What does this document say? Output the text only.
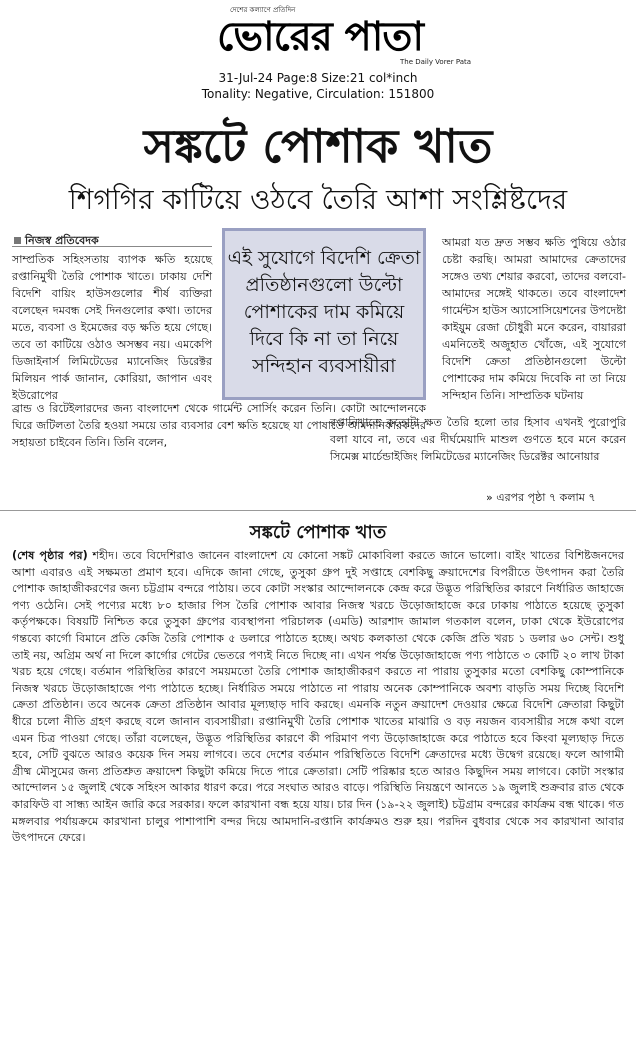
দেশের কল্যাণে প্রতিদিন
ভোরের পাতা
The Daily Vorer Pata
31-Jul-24 Page:8 Size:21 col*inch
Tonality: Negative, Circulation: 151800
সঙ্কটে পোশাক খাত
শিগগির কাটিয়ে ওঠবে তৈরি আশা সংশ্লিষ্টদের
নিজস্ব প্রতিবেদক
সাম্প্রতিক সহিংসতায় ব্যাপক ক্ষতি হয়েছে রপ্তানিমুখী তৈরি পোশাক খাতে। ঢাকায় দেশি বিদেশি বায়িং হাউসগুলোর শীর্ষ ব্যক্তিরা বলেছেন দমবন্ধ সেই দিনগুলোর কথা। তাদের মতে, ব্যবসা ও ইমেজের বড় ক্ষতি হয়ে গেছে। তবে তা কাটিয়ে ওঠাও অসম্ভব নয়। এমকেপি ডিজাইনার্স লিমিটেডের ম্যানেজিং ডিরেক্টর মিলিয়ন পার্ক জানান, কোরিয়া, জাপান এবং ইউরোপের
এই সুযোগে বিদেশি ক্রেতা প্রতিষ্ঠানগুলো উল্টো পোশাকের দাম কমিয়ে দিবে কি না তা নিয়ে সন্দিহান ব্যবসায়ীরা
আমরা যত দ্রুত সম্ভব ক্ষতি পুষিয়ে ওঠার চেষ্টা করছি। আমরা আমাদের ক্রেতাদের সঙ্গেও তথ্য শেয়ার করবো, তাদের বলবো- আমাদের সঙ্গেই থাকতে। তবে বাংলাদেশ গার্মেন্টস হাউস অ্যাসোসিয়েশনের উপদেষ্টা কাইয়ুম রেজা চৌধুরী মনে করেন, বায়াররা এমনিতেই অজুহাত খোঁজে, এই সুযোগে বিদেশি ক্রেতা প্রতিষ্ঠানগুলো উল্টো পোশাকের দাম কমিয়ে দিবেকি না তা নিয়ে সন্দিহান তিনি। সাম্প্রতিক ঘটনায়
ব্রান্ড ও রিটেইলারদের জন্য বাংলাদেশ থেকে গার্মেন্ট সোর্সিং করেন তিনি। কোটা আন্দোলনকে ঘিরে জটিলতা তৈরি হওয়া সময়ে তার ব্যবসার বেশ ক্ষতি হয়েছে যা পোষাতে আমদানিকারকদের সহায়তা চাইবেন তিনি। তিনি বলেন,
রপ্তানিখাতে কতোটা ক্ষত তৈরি হলো তার হিসাব এখনই পুরোপুরি বলা যাবে না, তবে এর দীর্ঘমেয়াদি মাশুল গুণতে হবে মনে করেন সিমেক্স মার্চেন্ডাইজিং লিমিটেডের ম্যানেজিং ডিরেক্টর আনোয়ার
» এরপর পৃষ্ঠা ৭ কলাম ৭
সঙ্কটে পোশাক খাত
(শেষ পৃষ্ঠার পর) শহীদ। তবে বিদেশিরাও জানেন বাংলাদেশ যে কোনো সঙ্কট মোকাবিলা করতে জানে ভালো। বাইং খাতের বিশিষ্টজনদের আশা এবারও এই সক্ষমতা প্রমাণ হবে। এদিকে জানা গেছে, তুসুকা গ্রুপ দুই সপ্তাহে বেশকিছু ক্রয়াদেশের বিপরীতে উৎপাদন করা তৈরি পোশাক জাহাজীকরণের জন্য চট্টগ্রাম বন্দরে পাঠায়। তবে কোটা সংস্কার আন্দোলনকে কেন্দ্র করে উদ্ভূত পরিস্থিতির কারণে নির্ধারিত জাহাজে পণ্য ওঠেনি। সেই পণ্যের মধ্যে ৮০ হাজার পিস তৈরি পোশাক আবার নিজস্ব খরচে উড়োজাহাজে করে ঢাকায় পাঠাতে হয়েছে তুসুকা কর্তৃপক্ষকে। বিষয়টি নিশ্চিত করে তুসুকা গ্রুপের ব্যবস্থাপনা পরিচালক (এমডি) আরশাদ জামাল গতকাল বলেন, ঢাকা থেকে ইউরোপের গন্তব্যে কার্গো বিমানে প্রতি কেজি তৈরি পোশাক ৫ ডলারে পাঠাতে হচ্ছে। অথচ কলকাতা থেকে কেজি প্রতি খরচ ১ ডলার ৬০ সেন্ট। শুধু তাই নয়, অগ্রিম অর্থ না দিলে কার্গোর গেটের ভেতরে পণ্যই নিতে দিচ্ছে না। এখন পর্যন্ত উড়োজাহাজে পণ্য পাঠাতে ৩ কোটি ২০ লাখ টাকা খরচ হয়ে গেছে। বর্তমান পরিস্থিতির কারণে সময়মতো তৈরি পোশাক জাহাজীকরণ করতে না পারায় তুসুকার মতো বেশকিছু কোম্পানিকে নিজস্ব খরচে উড়োজাহাজে পণ্য পাঠাতে হচ্ছে। নির্ধারিত সময়ে পাঠাতে না পারায় অনেক কোম্পানিকে অবশ্য বাড়তি সময় দিচ্ছে বিদেশি ক্রেতা প্রতিষ্ঠান। তবে অনেক ক্রেতা প্রতিষ্ঠান আবার মূল্যছাড় দাবি করছে। এমনকি নতুন ক্রয়াদেশ দেওয়ার ক্ষেত্রে বিদেশি ক্রেতারা কিছুটা ধীরে চলো নীতি গ্রহণ করছে বলে জানান ব্যবসায়ীরা। রপ্তানিমুখী তৈরি পোশাক খাতের মাঝারি ও বড় নয়জন ব্যবসায়ীর সঙ্গে কথা বলে এমন চিত্র পাওয়া গেছে। তাঁরা বলেছেন, উদ্ভূত পরিস্থিতির কারণে কী পরিমাণ পণ্য উড়োজাহাজে করে পাঠাতে হবে কিংবা মূল্যছাড় দিতে হবে, সেটি বুঝতে আরও কয়েক দিন সময় লাগবে। তবে দেশের বর্তমান পরিস্থিতিতে বিদেশি ক্রেতাদের মধ্যে উদ্বেগ রয়েছে। ফলে আগামী গ্রীষ্ম মৌসুমের জন্য প্রতিশ্রুত ক্রয়াদেশ কিছুটা কমিয়ে দিতে পারে ক্রেতারা। সেটি পরিষ্কার হতে আরও কিছুদিন সময় লাগবে। কোটা সংস্কার আন্দোলন ১৫ জুলাই থেকে সহিংস আকার ধারণ করে। পরে সংঘাত আরও বাড়ে। পরিস্থিতি নিয়ন্ত্রণে আনতে ১৯ জুলাই শুক্রবার রাত থেকে কারফিউ বা সান্ধ্য আইন জারি করে সরকার। ফলে কারখানা বন্ধ হয়ে যায়। চার দিন (১৯-২২ জুলাই) চট্টগ্রাম বন্দরের কার্যক্রম বন্ধ থাকে। গত মঙ্গলবার পর্যায়ক্রমে কারখানা চালুর পাশাপাশি বন্দর দিয়ে আমদানি-রপ্তানি কার্যক্রমও শুরু হয়। পরদিন বুধবার থেকে সব কারখানা আবার উৎপাদনে ফেরে।
